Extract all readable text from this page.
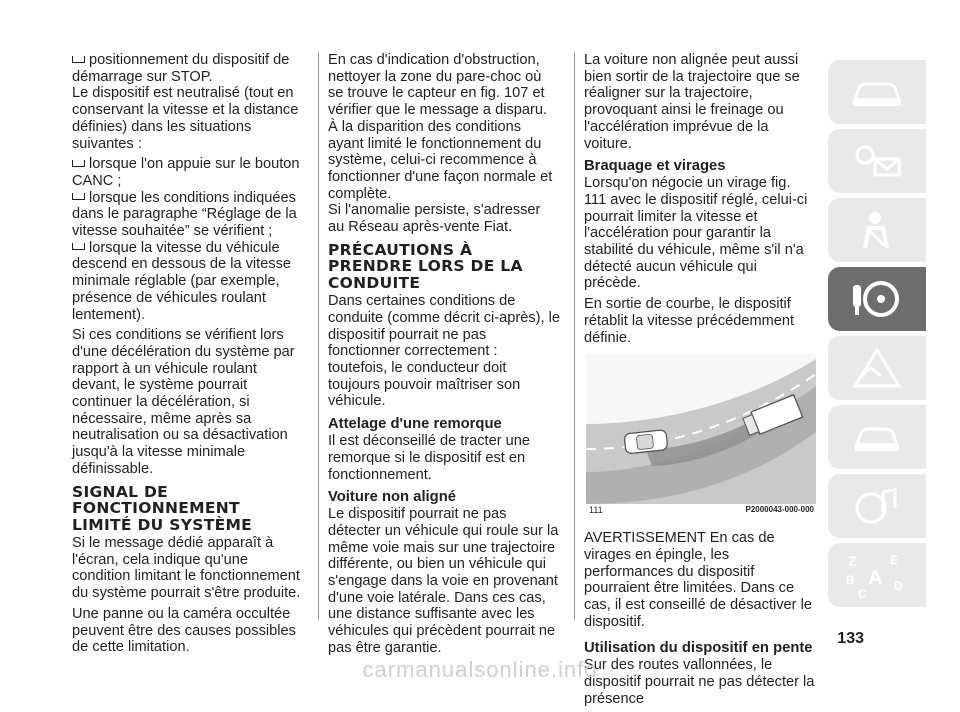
positionnement du dispositif de démarrage sur STOP.

Le dispositif est neutralisé (tout en conservant la vitesse et la distance définies) dans les situations suivantes :

lorsque l'on appuie sur le bouton CANC ;

lorsque les conditions indiquées dans le paragraphe “Réglage de la vitesse souhaitée” se vérifient ;

lorsque la vitesse du véhicule descend en dessous de la vitesse minimale réglable (par exemple, présence de véhicules roulant lentement).

Si ces conditions se vérifient lors d'une décélération du système par rapport à un véhicule roulant devant, le système pourrait continuer la décélération, si nécessaire, même après sa neutralisation ou sa désactivation jusqu'à la vitesse minimale définissable.

SIGNAL DE FONCTIONNEMENT LIMITÉ DU SYSTÈME

Si le message dédié apparaît à l'écran, cela indique qu'une condition limitant le fonctionnement du système pourrait s'être produite.

Une panne ou la caméra occultée peuvent être des causes possibles de cette limitation.

En cas d'indication d'obstruction, nettoyer la zone du pare-choc où se trouve le capteur en fig. 107 et vérifier que le message a disparu.

À la disparition des conditions ayant limité le fonctionnement du système, celui-ci recommence à fonctionner d'une façon normale et complète.

Si l'anomalie persiste, s'adresser au Réseau après-vente Fiat.

PRÉCAUTIONS À PRENDRE LORS DE LA CONDUITE

Dans certaines conditions de conduite (comme décrit ci-après), le dispositif pourrait ne pas fonctionner correctement : toutefois, le conducteur doit toujours pouvoir maîtriser son véhicule.

Attelage d'une remorque

Il est déconseillé de tracter une remorque si le dispositif est en fonctionnement.

Voiture non aligné

Le dispositif pourrait ne pas détecter un véhicule qui roule sur la même voie mais sur une trajectoire différente, ou bien un véhicule qui s'engage dans la voie en provenant d'une voie latérale. Dans ces cas, une distance suffisante avec les véhicules qui précèdent pourrait ne pas être garantie.

La voiture non alignée peut aussi bien sortir de la trajectoire que se réaligner sur la trajectoire, provoquant ainsi le freinage ou l'accélération imprévue de la voiture.

Braquage et virages

Lorsqu'on négocie un virage fig. 111 avec le dispositif réglé, celui-ci pourrait limiter la vitesse et l'accélération pour garantir la stabilité du véhicule, même s'il n'a détecté aucun véhicule qui précède.

En sortie de courbe, le dispositif rétablit la vitesse précédemment définie.

111	P2000043-000-000

AVERTISSEMENT En cas de virages en épingle, les performances du dispositif pourraient être limitées. Dans ce cas, il est conseillé de désactiver le dispositif.

Utilisation du dispositif en pente

Sur des routes vallonnées, le dispositif pourrait ne pas détecter la présence

Z	E
B A
C
D
133
carmanualsonline.info
